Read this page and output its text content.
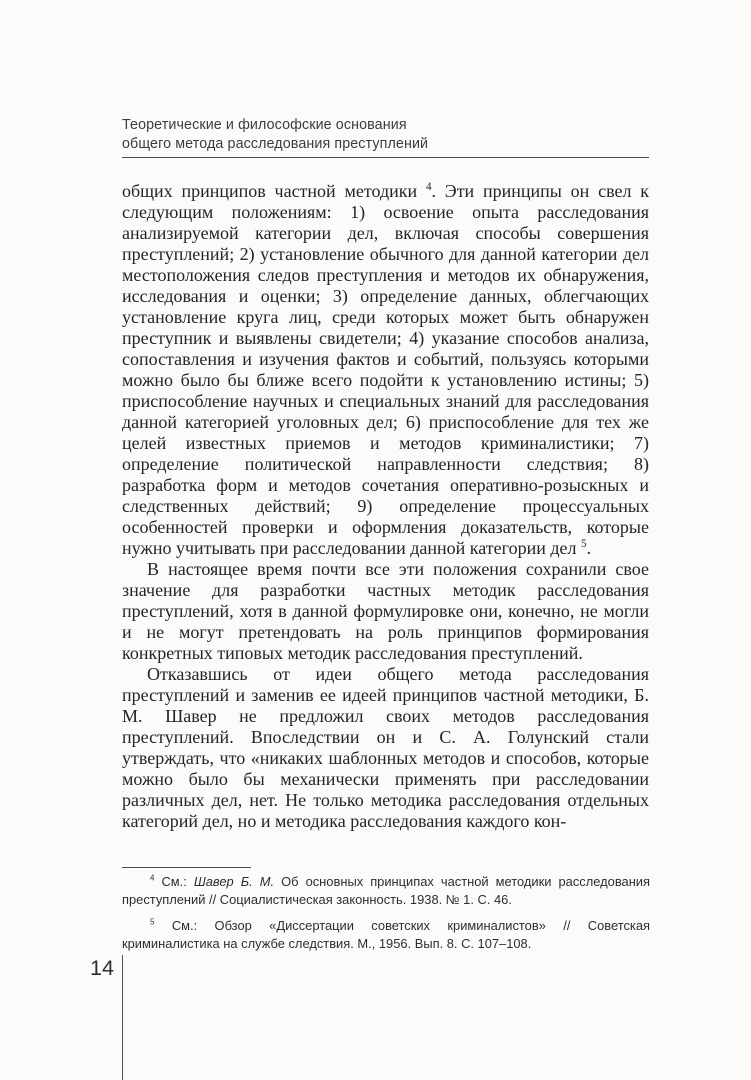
Теоретические и философские основания
общего метода расследования преступлений

общих принципов частной методики $^4$. Эти принципы он свел к следующим положениям: 1) освоение опыта расследования анализируемой категории дел, включая способы совершения преступлений; 2) установление обычного для данной категории дел местоположения следов преступления и методов их обнаружения, исследования и оценки; 3) определение данных, облегчающих установление круга лиц, среди которых может быть обнаружен преступник и выявлены свидетели; 4) указание способов анализа, сопоставления и изучения фактов и событий, пользуясь которыми можно было бы ближе всего подойти к установлению истины; 5) приспособление научных и специальных знаний для расследования данной категорией уголовных дел; 6) приспособление для тех же целей известных приемов и методов криминалистики; 7) определение политической направленности следствия; 8) разработка форм и методов сочетания оперативно-розыскных и следственных действий; 9) определение процессуальных особенностей проверки и оформления доказательств, которые нужно учитывать при расследовании данной категории дел $^5$.

В настоящее время почти все эти положения сохранили свое значение для разработки частных методик расследования преступлений, хотя в данной формулировке они, конечно, не могли и не могут претендовать на роль принципов формирования конкретных типовых методик расследования преступлений.

Отказавшись от идеи общего метода расследования преступлений и заменив ее идеей принципов частной методики, Б. М. Шавер не предложил своих методов расследования преступлений. Впоследствии он и С. А. Голунский стали утверждать, что «никаких шаблонных методов и способов, которые можно было бы механически применять при расследовании различных дел, нет. Не только методика расследования отдельных категорий дел, но и методика расследования каждого кон-

$^4$ См.: Шавер Б. М. Об основных принципах частной методики расследования преступлений // Социалистическая законность. 1938. № 1. С. 46.

$^5$ См.: Обзор «Диссертации советских криминалистов» // Советская криминалистика на службе следствия. М., 1956. Вып. 8. С. 107–108.

14
